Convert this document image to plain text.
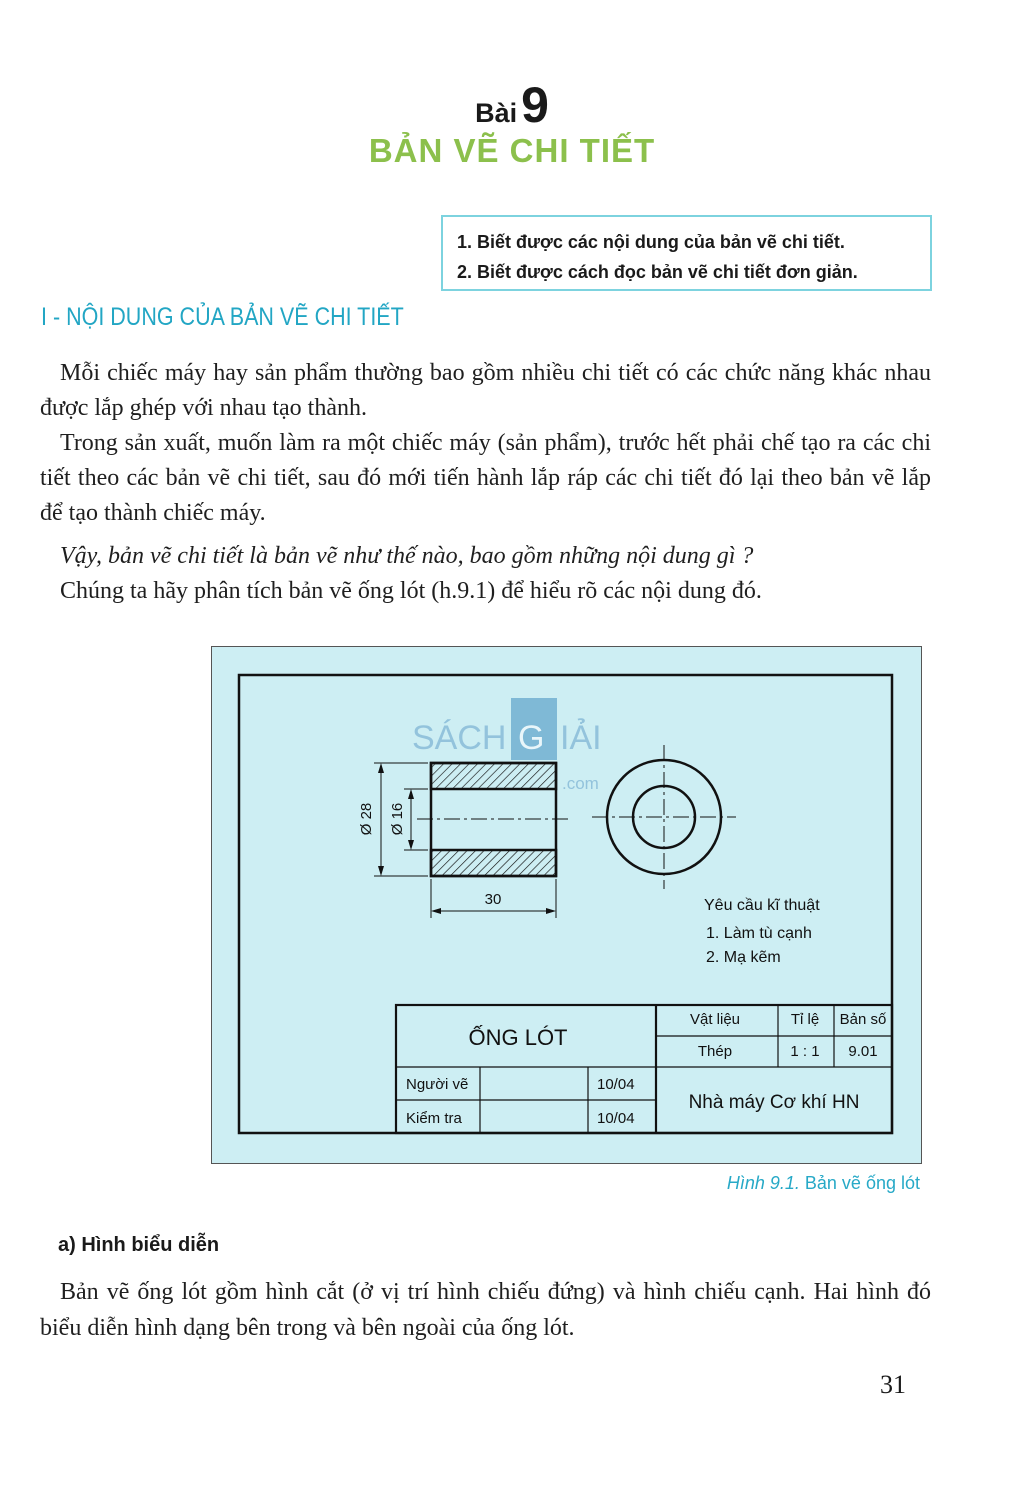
Bài9
BẢN VẼ CHI TIẾT
1. Biết được các nội dung của bản vẽ chi tiết.
2. Biết được cách đọc bản vẽ chi tiết đơn giản.
I - NỘI DUNG CỦA BẢN VẼ CHI TIẾT

Mỗi chiếc máy hay sản phẩm thường bao gồm nhiều chi tiết có các chức năng khác nhau được lắp ghép với nhau tạo thành.

Trong sản xuất, muốn làm ra một chiếc máy (sản phẩm), trước hết phải chế tạo ra các chi tiết theo các bản vẽ chi tiết, sau đó mới tiến hành lắp ráp các chi tiết đó lại theo bản vẽ lắp để tạo thành chiếc máy.

Vậy, bản vẽ chi tiết là bản vẽ như thế nào, bao gồm những nội dung gì ?

Chúng ta hãy phân tích bản vẽ ống lót (h.9.1) để hiểu rõ các nội dung đó.

SÁCH G IẢI
.com
Ø 28 Ø 16
30	Yêu cầu kĩ thuật
1. Làm tù cạnh
2. Mạ kẽm
ỐNG LÓT
Vật liệu	Tỉ lệ Bản số
Thép	1 : 1 9.01
Người vẽ	10/04
Kiểm tra	10/04
Nhà máy Cơ khí HN
Hình 9.1. Bản vẽ ống lót
a) Hình biểu diễn

Bản vẽ ống lót gồm hình cắt (ở vị trí hình chiếu đứng) và hình chiếu cạnh. Hai hình đó biểu diễn hình dạng bên trong và bên ngoài của ống lót.

31
